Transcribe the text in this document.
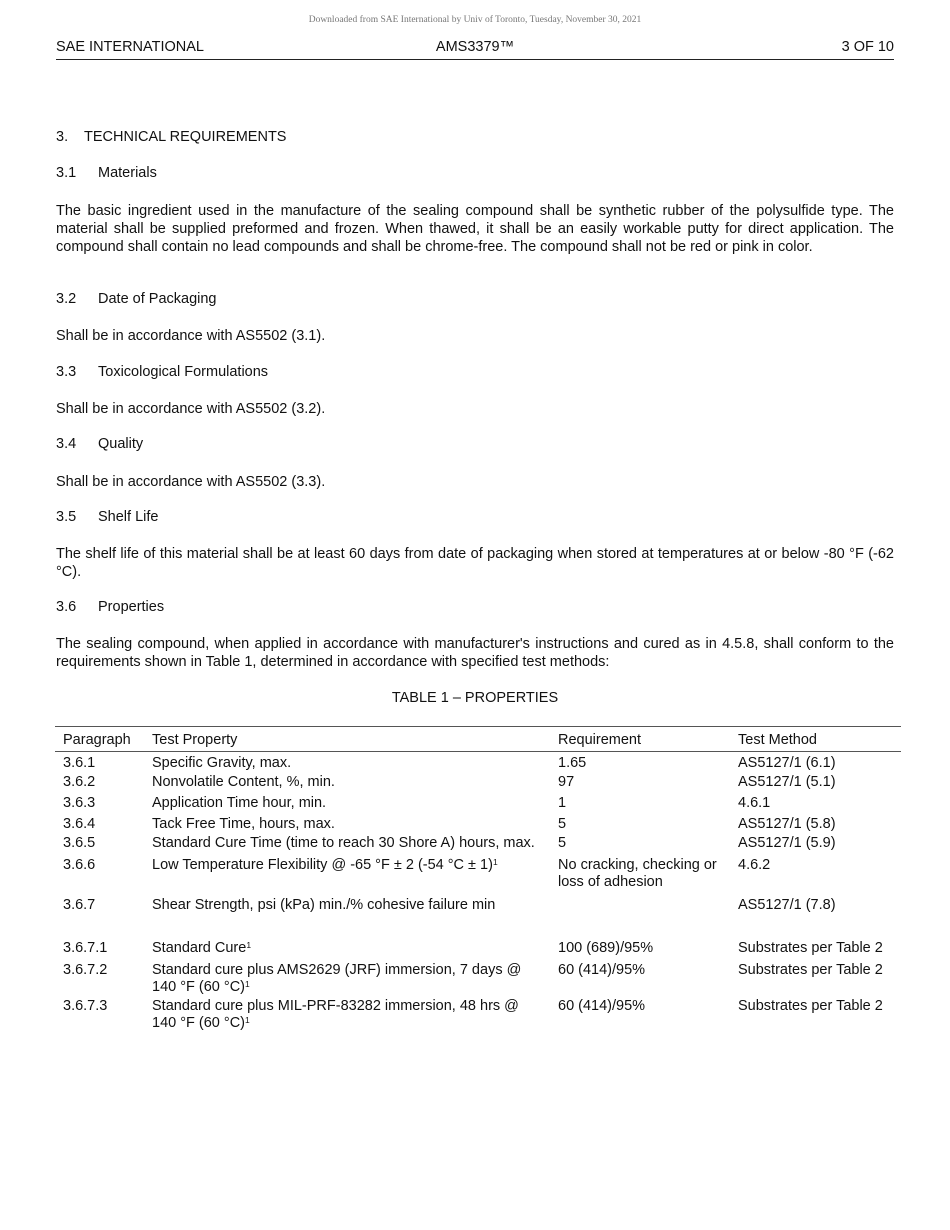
Downloaded from SAE International by Univ of Toronto, Tuesday, November 30, 2021
SAE INTERNATIONAL	AMS3379™	3 OF 10
3. TECHNICAL REQUIREMENTS
3.1 Materials
The basic ingredient used in the manufacture of the sealing compound shall be synthetic rubber of the polysulfide type. The material shall be supplied preformed and frozen. When thawed, it shall be an easily workable putty for direct application. The compound shall contain no lead compounds and shall be chrome-free. The compound shall not be red or pink in color.
3.2 Date of Packaging
Shall be in accordance with AS5502 (3.1).
3.3 Toxicological Formulations
Shall be in accordance with AS5502 (3.2).
3.4 Quality
Shall be in accordance with AS5502 (3.3).
3.5 Shelf Life
The shelf life of this material shall be at least 60 days from date of packaging when stored at temperatures at or below -80 °F (-62 °C).
3.6 Properties
The sealing compound, when applied in accordance with manufacturer's instructions and cured as in 4.5.8, shall conform to the requirements shown in Table 1, determined in accordance with specified test methods:
TABLE 1 – PROPERTIES
Paragraph	Test Property	Requirement	Test Method
3.6.1	Specific Gravity, max.	1.65	AS5127/1 (6.1)
3.6.2	Nonvolatile Content, %, min.	97	AS5127/1 (5.1)
3.6.3	Application Time hour, min.	1	4.6.1
3.6.4	Tack Free Time, hours, max.	5	AS5127/1 (5.8)
3.6.5	Standard Cure Time (time to reach 30 Shore A) hours, max.	5	AS5127/1 (5.9)
3.6.6	Low Temperature Flexibility @ -65 °F ± 2 (-54 °C ± 1)$^1$	No cracking, checking or loss of adhesion	4.6.2
3.6.7	Shear Strength, psi (kPa) min./% cohesive failure min		AS5127/1 (7.8)

3.6.7.1	Standard Cure$^1$	100 (689)/95%	Substrates per Table 2
3.6.7.2	Standard cure plus AMS2629 (JRF) immersion, 7 days @ 140 °F (60 °C)$^1$	60 (414)/95%	Substrates per Table 2
3.6.7.3	Standard cure plus MIL-PRF-83282 immersion, 48 hrs @ 140 °F (60 °C)$^1$	60 (414)/95%	Substrates per Table 2
